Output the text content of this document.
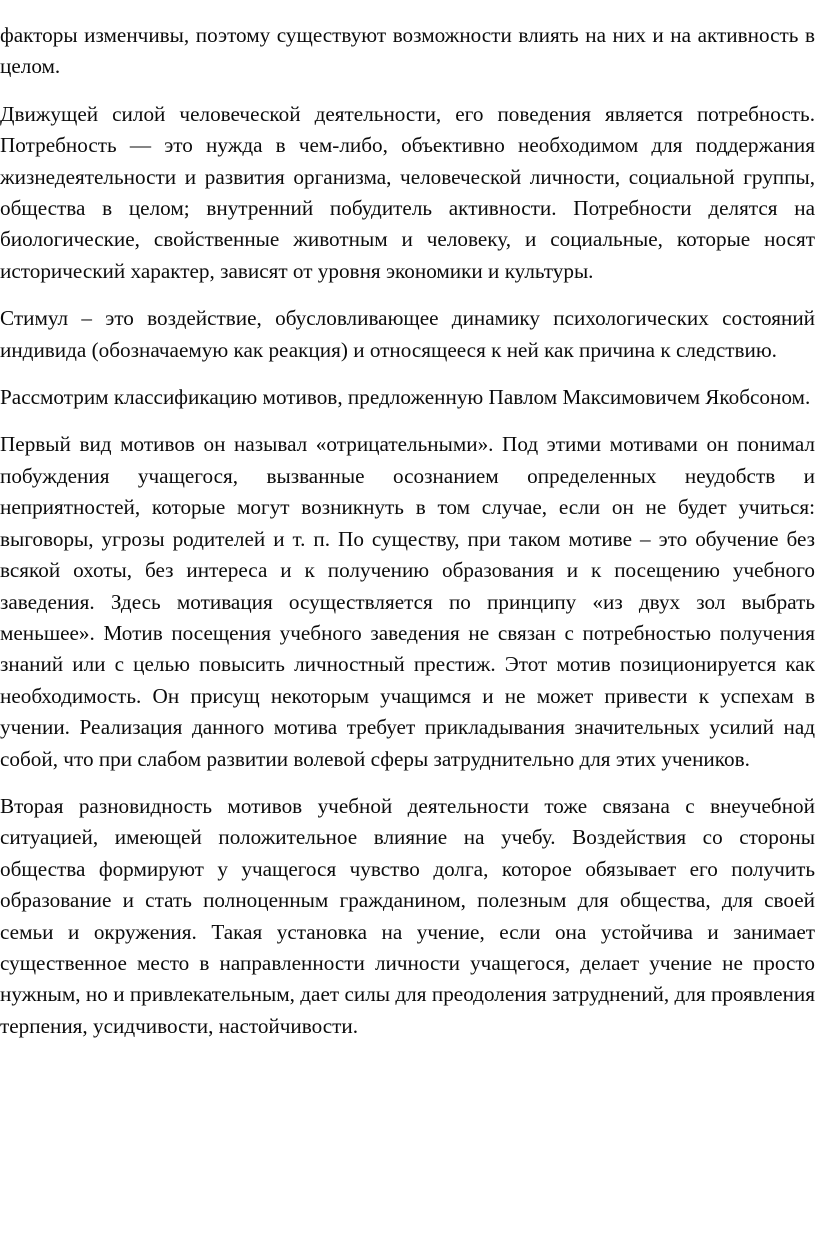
факторы изменчивы, поэтому существуют возможности влиять на них и на активность в целом.

Движущей силой человеческой деятельности, его поведения является потребность. Потребность — это нужда в чем-либо, объективно необходимом для поддержания жизнедеятельности и развития организма, человеческой личности, социальной группы, общества в целом; внутренний побудитель активности. Потребности делятся на биологические, свойственные животным и человеку, и социальные, которые носят исторический характер, зависят от уровня экономики и культуры.

Стимул – это воздействие, обусловливающее динамику психологических состояний индивида (обозначаемую как реакция) и относящееся к ней как причина к следствию.

Рассмотрим классификацию мотивов, предложенную Павлом Максимовичем Якобсоном.

Первый вид мотивов он называл «отрицательными». Под этими мотивами он понимал побуждения учащегося, вызванные осознанием определенных неудобств и неприятностей, которые могут возникнуть в том случае, если он не будет учиться: выговоры, угрозы родителей и т. п. По существу, при таком мотиве – это обучение без всякой охоты, без интереса и к получению образования и к посещению учебного заведения. Здесь мотивация осуществляется по принципу «из двух зол выбрать меньшее». Мотив посещения учебного заведения не связан с потребностью получения знаний или с целью повысить личностный престиж. Этот мотив позиционируется как необходимость. Он присущ некоторым учащимся и не может привести к успехам в учении. Реализация данного мотива требует прикладывания значительных усилий над собой, что при слабом развитии волевой сферы затруднительно для этих учеников.

Вторая разновидность мотивов учебной деятельности тоже связана с внеучебной ситуацией, имеющей положительное влияние на учебу. Воздействия со стороны общества формируют у учащегося чувство долга, которое обязывает его получить образование и стать полноценным гражданином, полезным для общества, для своей семьи и окружения. Такая установка на учение, если она устойчива и занимает существенное место в направленности личности учащегося, делает учение не просто нужным, но и привлекательным, дает силы для преодоления затруднений, для проявления терпения, усидчивости, настойчивости.
